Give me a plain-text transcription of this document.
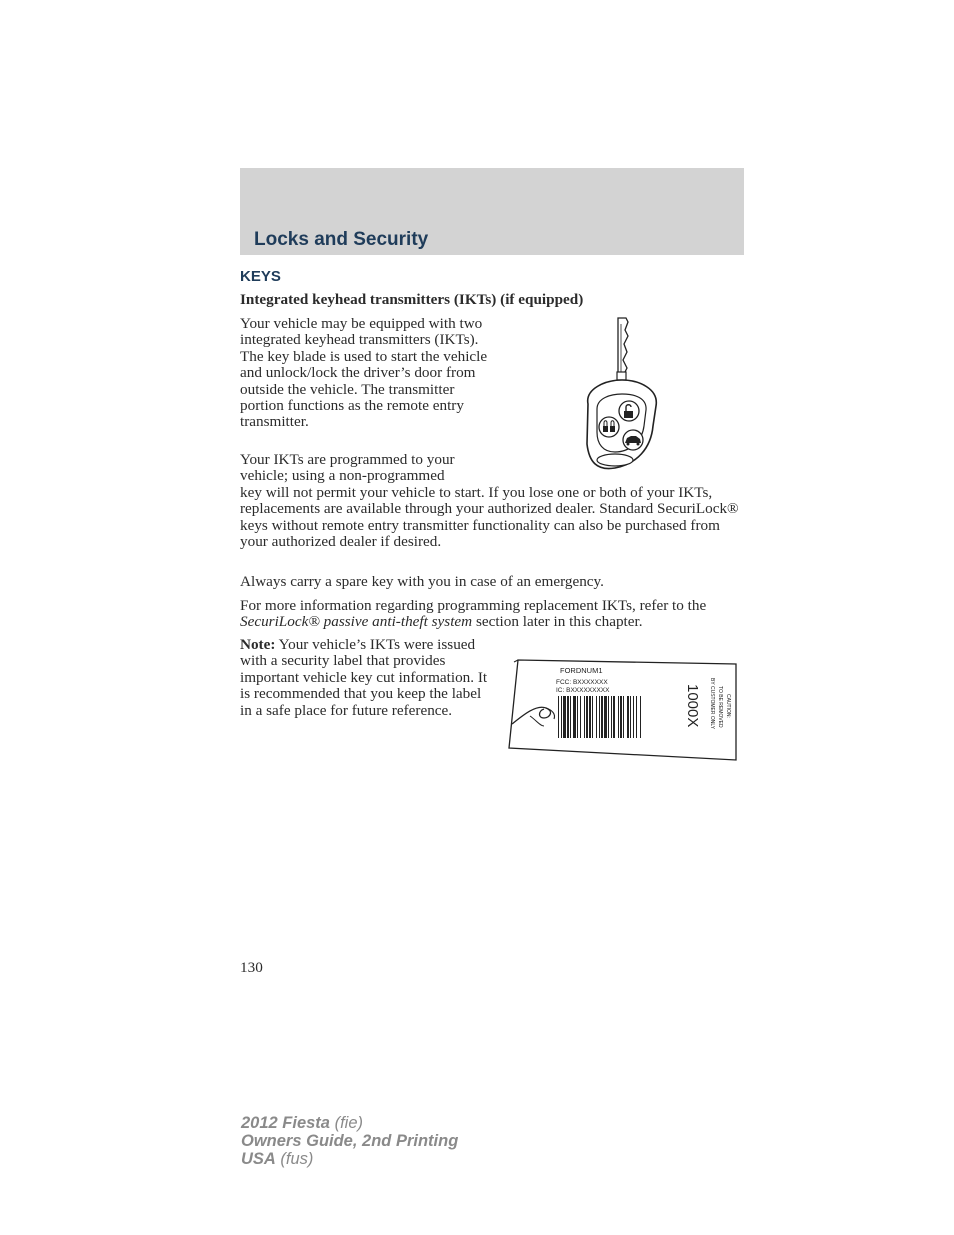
Locks and Security
KEYS
Integrated keyhead transmitters (IKTs) (if equipped)

Your vehicle may be equipped with two integrated keyhead transmitters (IKTs). The key blade is used to start the vehicle and unlock/lock the driver’s door from outside the vehicle. The transmitter portion functions as the remote entry transmitter.

Your IKTs are programmed to your vehicle; using a non-programmed

key will not permit your vehicle to start. If you lose one or both of your IKTs, replacements are available through your authorized dealer. Standard SecuriLock® keys without remote entry transmitter functionality can also be purchased from your authorized dealer if desired.

Always carry a spare key with you in case of an emergency.

For more information regarding programming replacement IKTs, refer to the SecuriLock® passive anti-theft system section later in this chapter.

Note: Your vehicle’s IKTs were issued with a security label that provides important vehicle key cut information. It is recommended that you keep the label in a safe place for future reference.

FORDNUM1
FCC: BXXXXXXX
IC: BXXXXXXXXX	1000X	CAUTION:
TO BE REMOVED
BY CUSTOMER ONLY
130
2012 Fiesta (fie)
Owners Guide, 2nd Printing
USA (fus)
